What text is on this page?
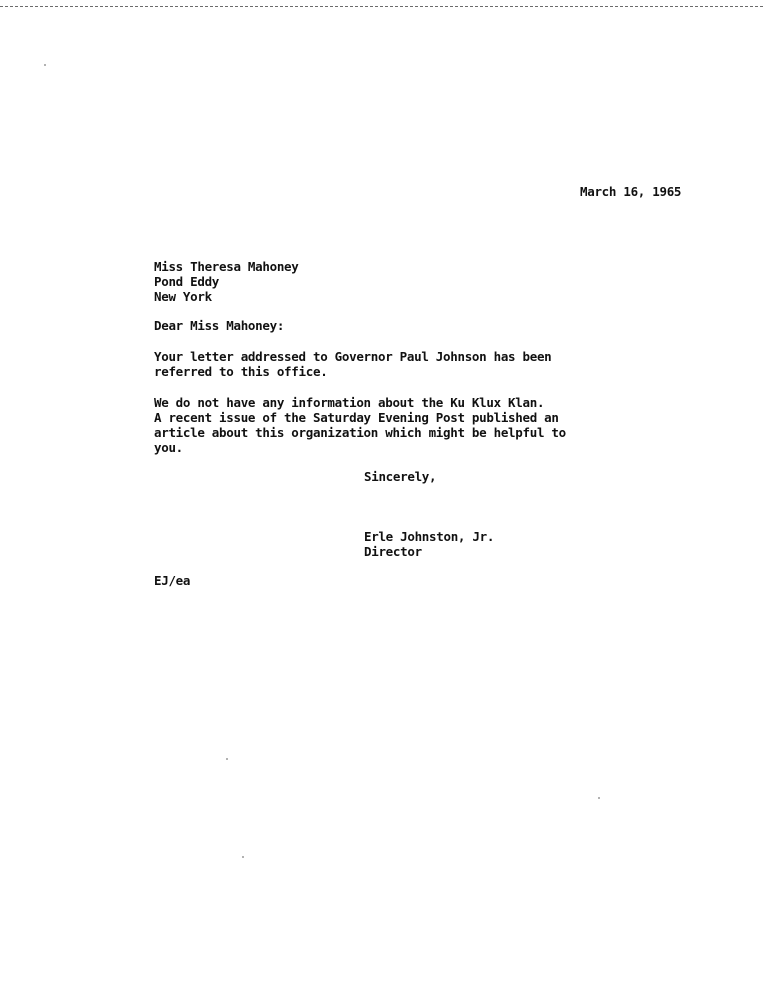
March 16, 1965
Miss Theresa Mahoney
Pond Eddy
New York
Dear Miss Mahoney:
Your letter addressed to Governor Paul Johnson has been
referred to this office.
We do not have any information about the Ku Klux Klan.
A recent issue of the Saturday Evening Post published an
article about this organization which might be helpful to
you.
Sincerely,
Erle Johnston, Jr.
Director
EJ/ea
